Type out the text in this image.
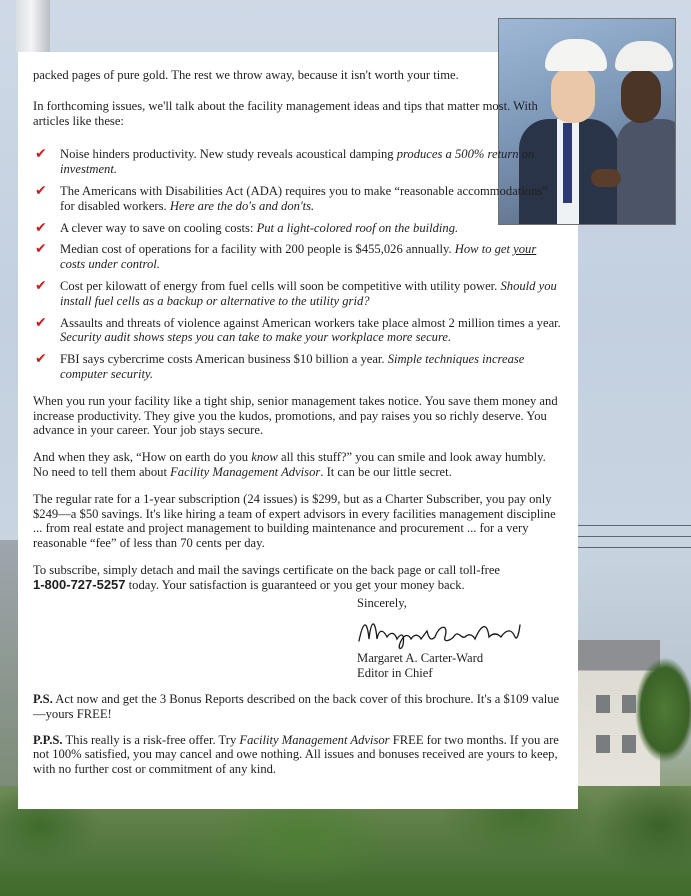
packed pages of pure gold. The rest we throw away, because it isn't worth your time.

In forthcoming issues, we'll talk about the facility management ideas and tips that matter most. With articles like these:

✔ Noise hinders productivity. New study reveals acoustical damping produces a 500% return on investment.
✔ The Americans with Disabilities Act (ADA) requires you to make “reasonable accommodations” for disabled workers. Here are the do's and don'ts.
✔ A clever way to save on cooling costs: Put a light-colored roof on the building.
✔ Median cost of operations for a facility with 200 people is $455,026 annually. How to get your costs under control.
✔ Cost per kilowatt of energy from fuel cells will soon be competitive with utility power. Should you install fuel cells as a backup or alternative to the utility grid?
✔ Assaults and threats of violence against American workers take place almost 2 million times a year. Security audit shows steps you can take to make your workplace more secure.
✔ FBI says cybercrime costs American business $10 billion a year. Simple techniques increase computer security.

When you run your facility like a tight ship, senior management takes notice. You save them money and increase productivity. They give you the kudos, promotions, and pay raises you so richly deserve. You advance in your career. Your job stays secure.

And when they ask, “How on earth do you know all this stuff?” you can smile and look away humbly. No need to tell them about Facility Management Advisor. It can be our little secret.

The regular rate for a 1-year subscription (24 issues) is $299, but as a Charter Subscriber, you pay only $249—a $50 savings. It's like hiring a team of expert advisors in every facilities management discipline ... from real estate and project management to building maintenance and procurement ... for a very reasonable “fee” of less than 70 cents per day.

To subscribe, simply detach and mail the savings certificate on the back page or call toll-free
1-800-727-5257 today. Your satisfaction is guaranteed or you get your money back.

Sincerely,
Margaret A. Carter-Ward
Editor in Chief

P.S. Act now and get the 3 Bonus Reports described on the back cover of this brochure. It's a $109 value—yours FREE!

P.P.S. This really is a risk-free offer. Try Facility Management Advisor FREE for two months. If you are not 100% satisfied, you may cancel and owe nothing. All issues and bonuses received are yours to keep, with no further cost or commitment of any kind.
